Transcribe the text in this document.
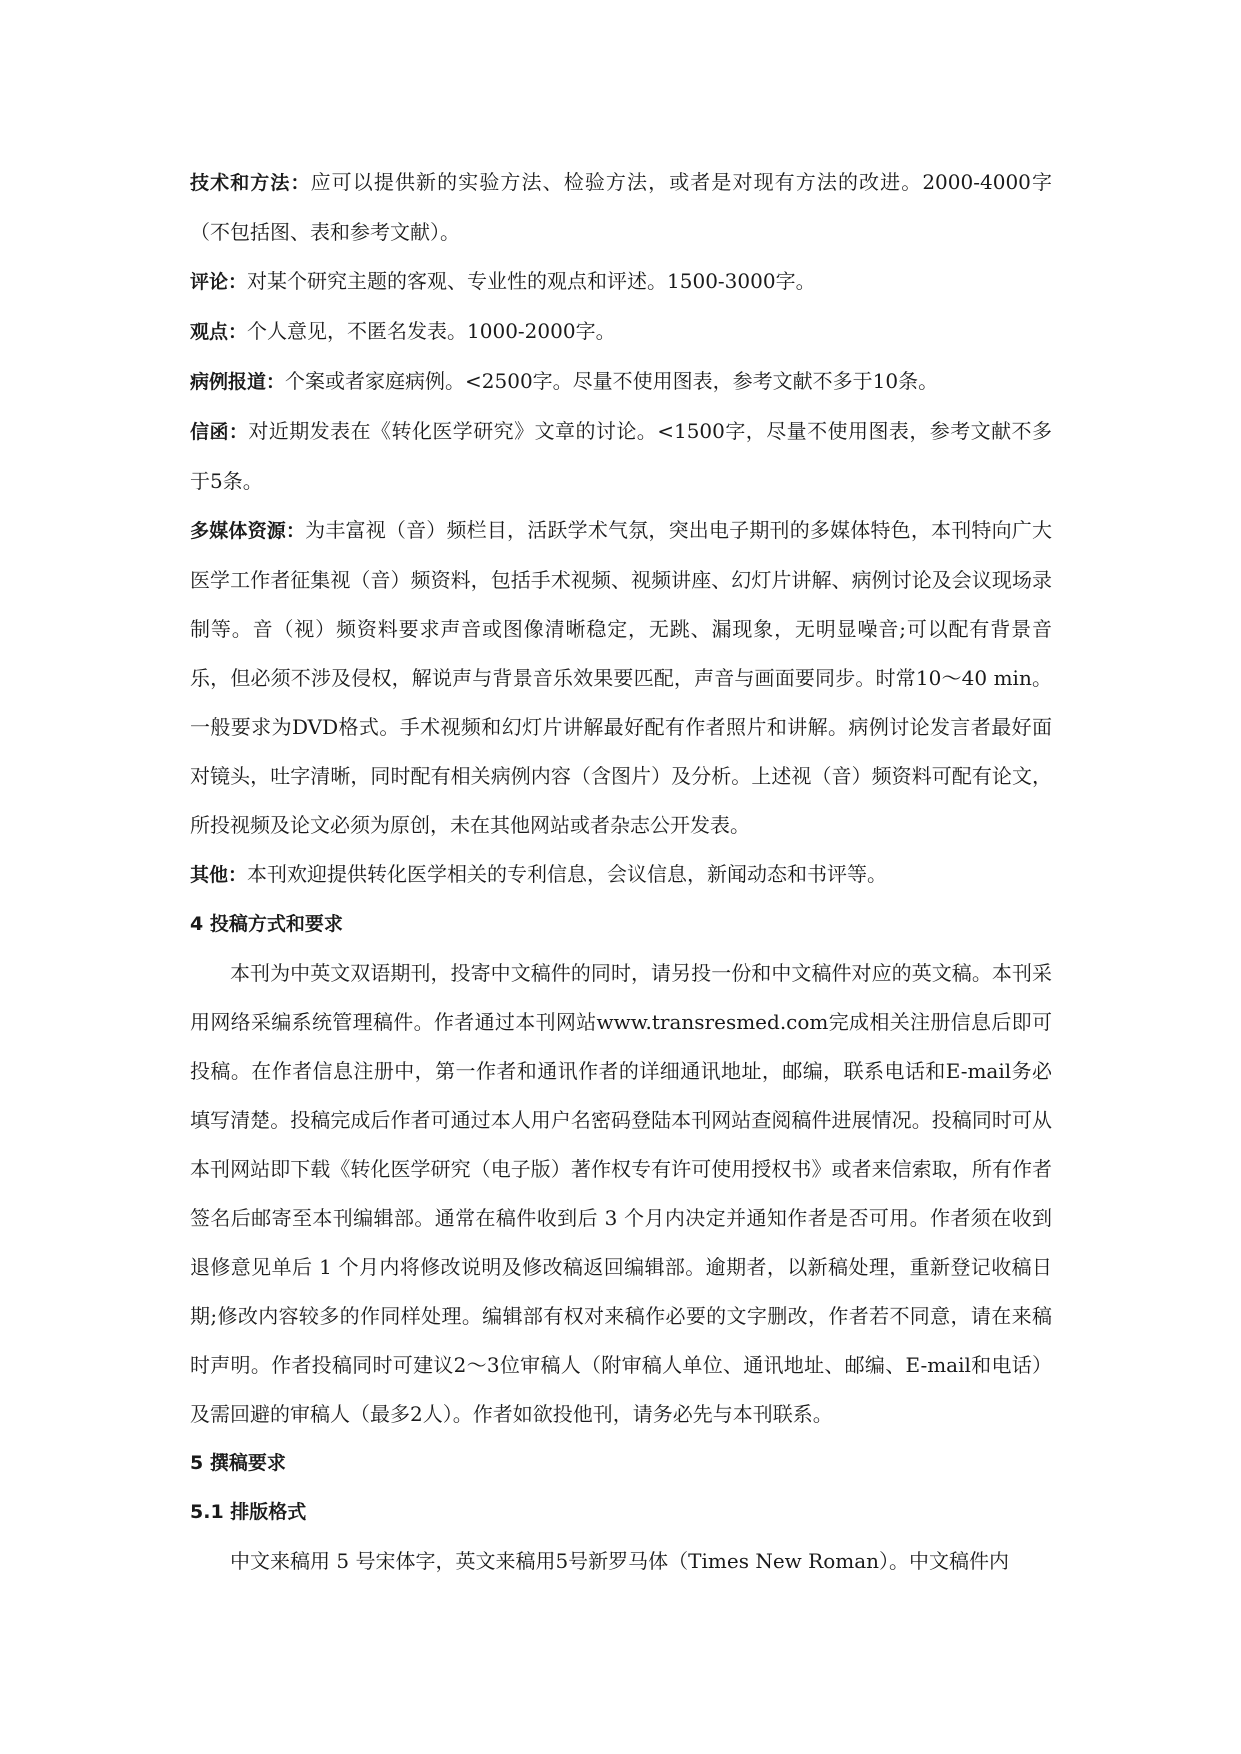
技术和方法：应可以提供新的实验方法、检验方法，或者是对现有方法的改进。2000-4000字（不包括图、表和参考文献）。

评论：对某个研究主题的客观、专业性的观点和评述。1500-3000字。

观点：个人意见，不匿名发表。1000-2000字。

病例报道：个案或者家庭病例。<2500字。尽量不使用图表，参考文献不多于10条。

信函：对近期发表在《转化医学研究》文章的讨论。<1500字，尽量不使用图表，参考文献不多于5条。

多媒体资源：为丰富视（音）频栏目，活跃学术气氛，突出电子期刊的多媒体特色，本刊特向广大医学工作者征集视（音）频资料，包括手术视频、视频讲座、幻灯片讲解、病例讨论及会议现场录制等。音（视）频资料要求声音或图像清晰稳定，无跳、漏现象，无明显噪音;可以配有背景音乐，但必须不涉及侵权，解说声与背景音乐效果要匹配，声音与画面要同步。时常10～40 min。一般要求为DVD格式。手术视频和幻灯片讲解最好配有作者照片和讲解。病例讨论发言者最好面对镜头，吐字清晰，同时配有相关病例内容（含图片）及分析。上述视（音）频资料可配有论文，所投视频及论文必须为原创，未在其他网站或者杂志公开发表。

其他：本刊欢迎提供转化医学相关的专利信息，会议信息，新闻动态和书评等。

4 投稿方式和要求

本刊为中英文双语期刊，投寄中文稿件的同时，请另投一份和中文稿件对应的英文稿。本刊采用网络采编系统管理稿件。作者通过本刊网站www.transresmed.com完成相关注册信息后即可投稿。在作者信息注册中，第一作者和通讯作者的详细通讯地址，邮编，联系电话和E-mail务必填写清楚。投稿完成后作者可通过本人用户名密码登陆本刊网站查阅稿件进展情况。投稿同时可从本刊网站即下载《转化医学研究（电子版）著作权专有许可使用授权书》或者来信索取，所有作者签名后邮寄至本刊编辑部。通常在稿件收到后 3 个月内决定并通知作者是否可用。作者须在收到退修意见单后 1 个月内将修改说明及修改稿返回编辑部。逾期者，以新稿处理，重新登记收稿日期;修改内容较多的作同样处理。编辑部有权对来稿作必要的文字删改，作者若不同意，请在来稿时声明。作者投稿同时可建议2～3位审稿人（附审稿人单位、通讯地址、邮编、E-mail和电话）及需回避的审稿人（最多2人）。作者如欲投他刊，请务必先与本刊联系。

5 撰稿要求

5.1 排版格式

中文来稿用 5 号宋体字，英文来稿用5号新罗马体（Times New Roman）。中文稿件内
